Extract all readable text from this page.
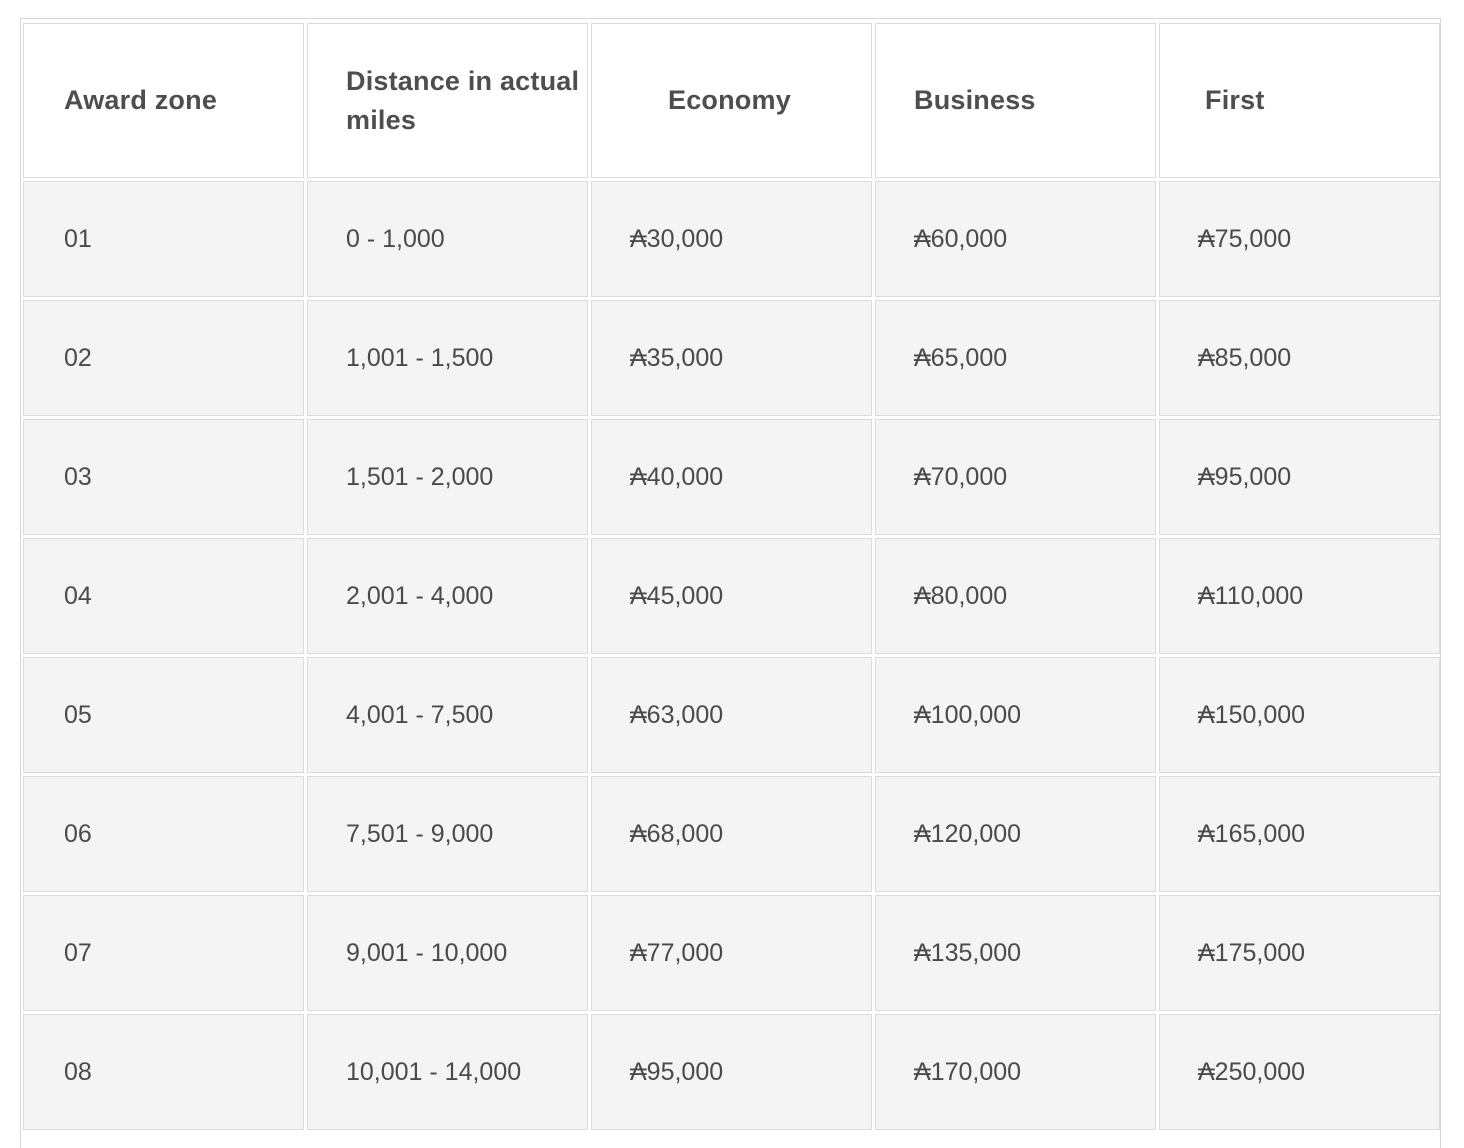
Award zone	Distance in actual miles	Economy	Business	First
01	0 - 1,000	₳30,000	₳60,000	₳75,000
02	1,001 - 1,500	₳35,000	₳65,000	₳85,000
03	1,501 - 2,000	₳40,000	₳70,000	₳95,000
04	2,001 - 4,000	₳45,000	₳80,000	₳110,000
05	4,001 - 7,500	₳63,000	₳100,000	₳150,000
06	7,501 - 9,000	₳68,000	₳120,000	₳165,000
07	9,001 - 10,000	₳77,000	₳135,000	₳175,000
08	10,001 - 14,000	₳95,000	₳170,000	₳250,000
